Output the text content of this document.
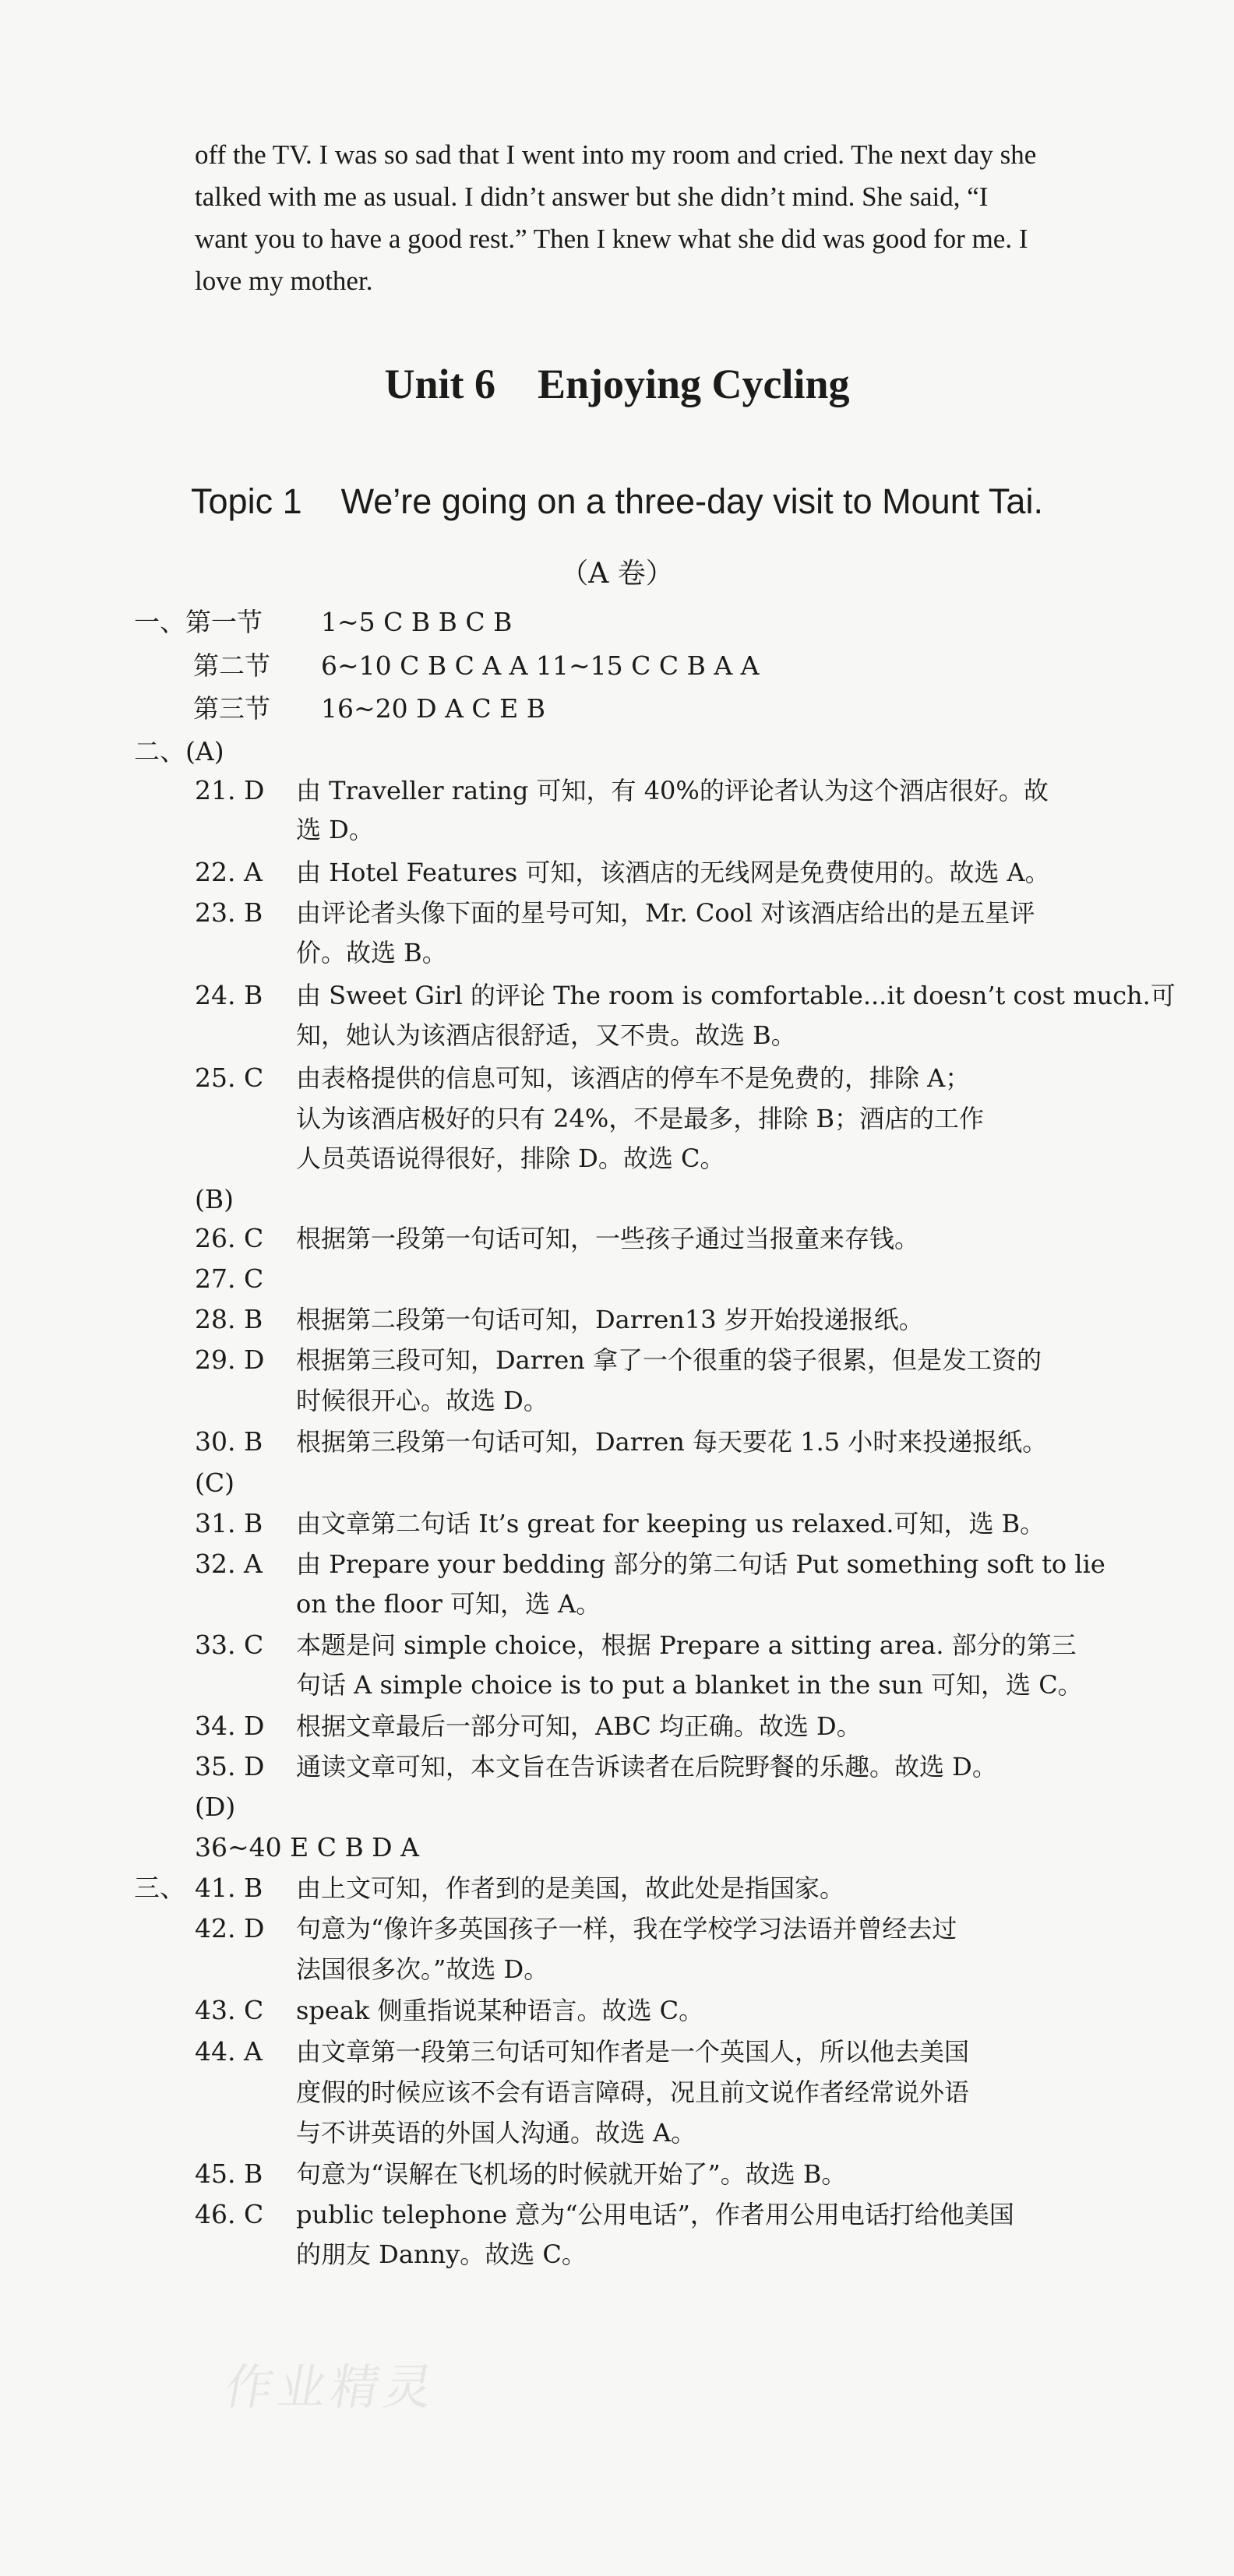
off the TV. I was so sad that I went into my room and cried. The next day she
talked with me as usual. I didn’t answer but she didn’t mind. She said, “I
want you to have a good rest.” Then I knew what she did was good for me. I
love my mother.
Unit 6    Enjoying Cycling
Topic 1    We’re going on a three-day visit to Mount Tai.
（A 卷）
一、第一节 1~5 C B B C B
第二节 6~10 C B C A A 11~15 C C B A A
第三节 16~20 D A C E B
二、(A)
21. D 由 Traveller rating 可知，有 40%的评论者认为这个酒店很好。故
选 D。
22. A 由 Hotel Features 可知，该酒店的无线网是免费使用的。故选 A。
23. B 由评论者头像下面的星号可知，Mr. Cool 对该酒店给出的是五星评
价。故选 B。
24. B 由 Sweet Girl 的评论 The room is comfortable...it doesn’t cost much.可
知，她认为该酒店很舒适，又不贵。故选 B。
25. C 由表格提供的信息可知，该酒店的停车不是免费的，排除 A；
认为该酒店极好的只有 24%，不是最多，排除 B；酒店的工作
人员英语说得很好，排除 D。故选 C。
(B)
26. C 根据第一段第一句话可知，一些孩子通过当报童来存钱。
27. C
28. B 根据第二段第一句话可知，Darren13 岁开始投递报纸。
29. D 根据第三段可知，Darren 拿了一个很重的袋子很累，但是发工资的
时候很开心。故选 D。
30. B 根据第三段第一句话可知，Darren 每天要花 1.5 小时来投递报纸。
(C)
31. B 由文章第二句话 It’s great for keeping us relaxed.可知，选 B。
32. A 由 Prepare your bedding 部分的第二句话 Put something soft to lie
on the floor 可知，选 A。
33. C 本题是问 simple choice，根据 Prepare a sitting area. 部分的第三
句话 A simple choice is to put a blanket in the sun 可知，选 C。
34. D 根据文章最后一部分可知，ABC 均正确。故选 D。
35. D 通读文章可知，本文旨在告诉读者在后院野餐的乐趣。故选 D。
(D)
36~40 E C B D A
三、 41. B 由上文可知，作者到的是美国，故此处是指国家。
42. D 句意为“像许多英国孩子一样，我在学校学习法语并曾经去过
法国很多次。”故选 D。
43. C speak 侧重指说某种语言。故选 C。
44. A 由文章第一段第三句话可知作者是一个英国人，所以他去美国
度假的时候应该不会有语言障碍，况且前文说作者经常说外语
与不讲英语的外国人沟通。故选 A。
45. B 句意为“误解在飞机场的时候就开始了”。故选 B。
46. C public telephone 意为“公用电话”，作者用公用电话打给他美国
的朋友 Danny。故选 C。
作业精灵
